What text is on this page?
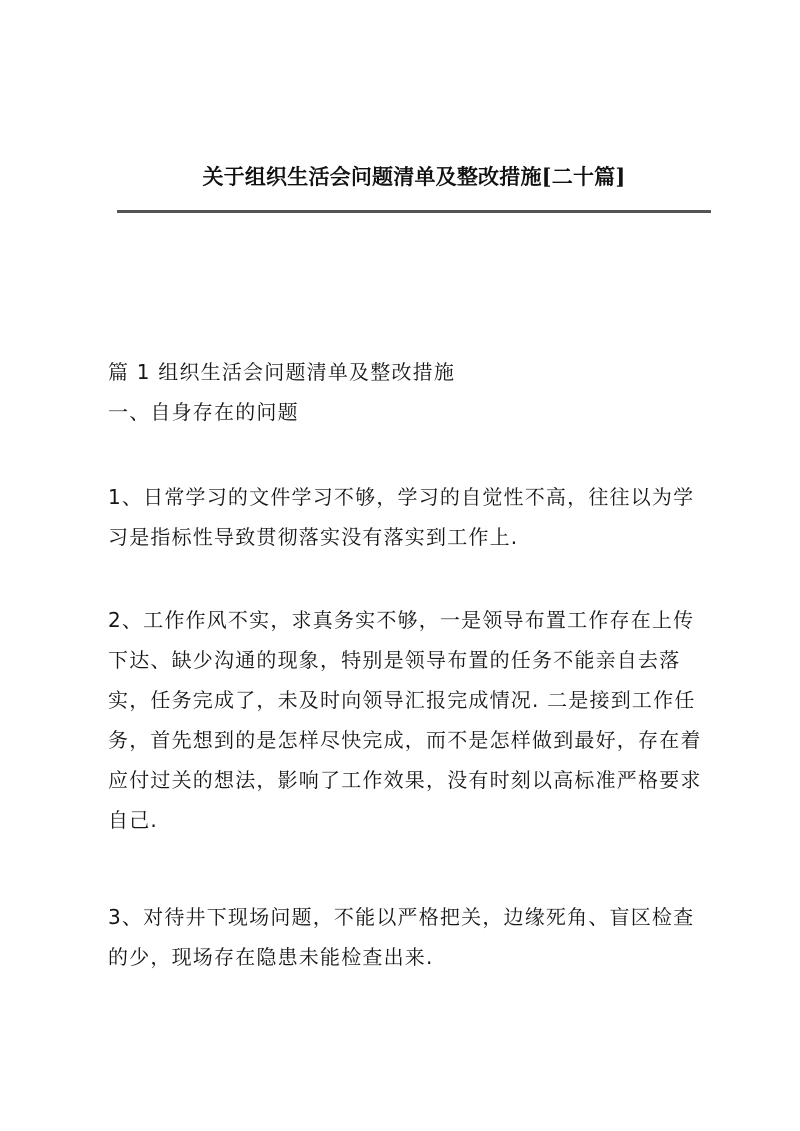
关于组织生活会问题清单及整改措施[二十篇]
篇 1 组织生活会问题清单及整改措施
一、自身存在的问题
1、日常学习的文件学习不够，学习的自觉性不高，往往以为学
习是指标性导致贯彻落实没有落实到工作上.
2、工作作风不实，求真务实不够，一是领导布置工作存在上传
下达、缺少沟通的现象，特别是领导布置的任务不能亲自去落
实，任务完成了，未及时向领导汇报完成情况. 二是接到工作任
务，首先想到的是怎样尽快完成，而不是怎样做到最好，存在着
应付过关的想法，影响了工作效果，没有时刻以高标准严格要求
自己.
3、对待井下现场问题，不能以严格把关，边缘死角、盲区检查
的少，现场存在隐患未能检查出来.
